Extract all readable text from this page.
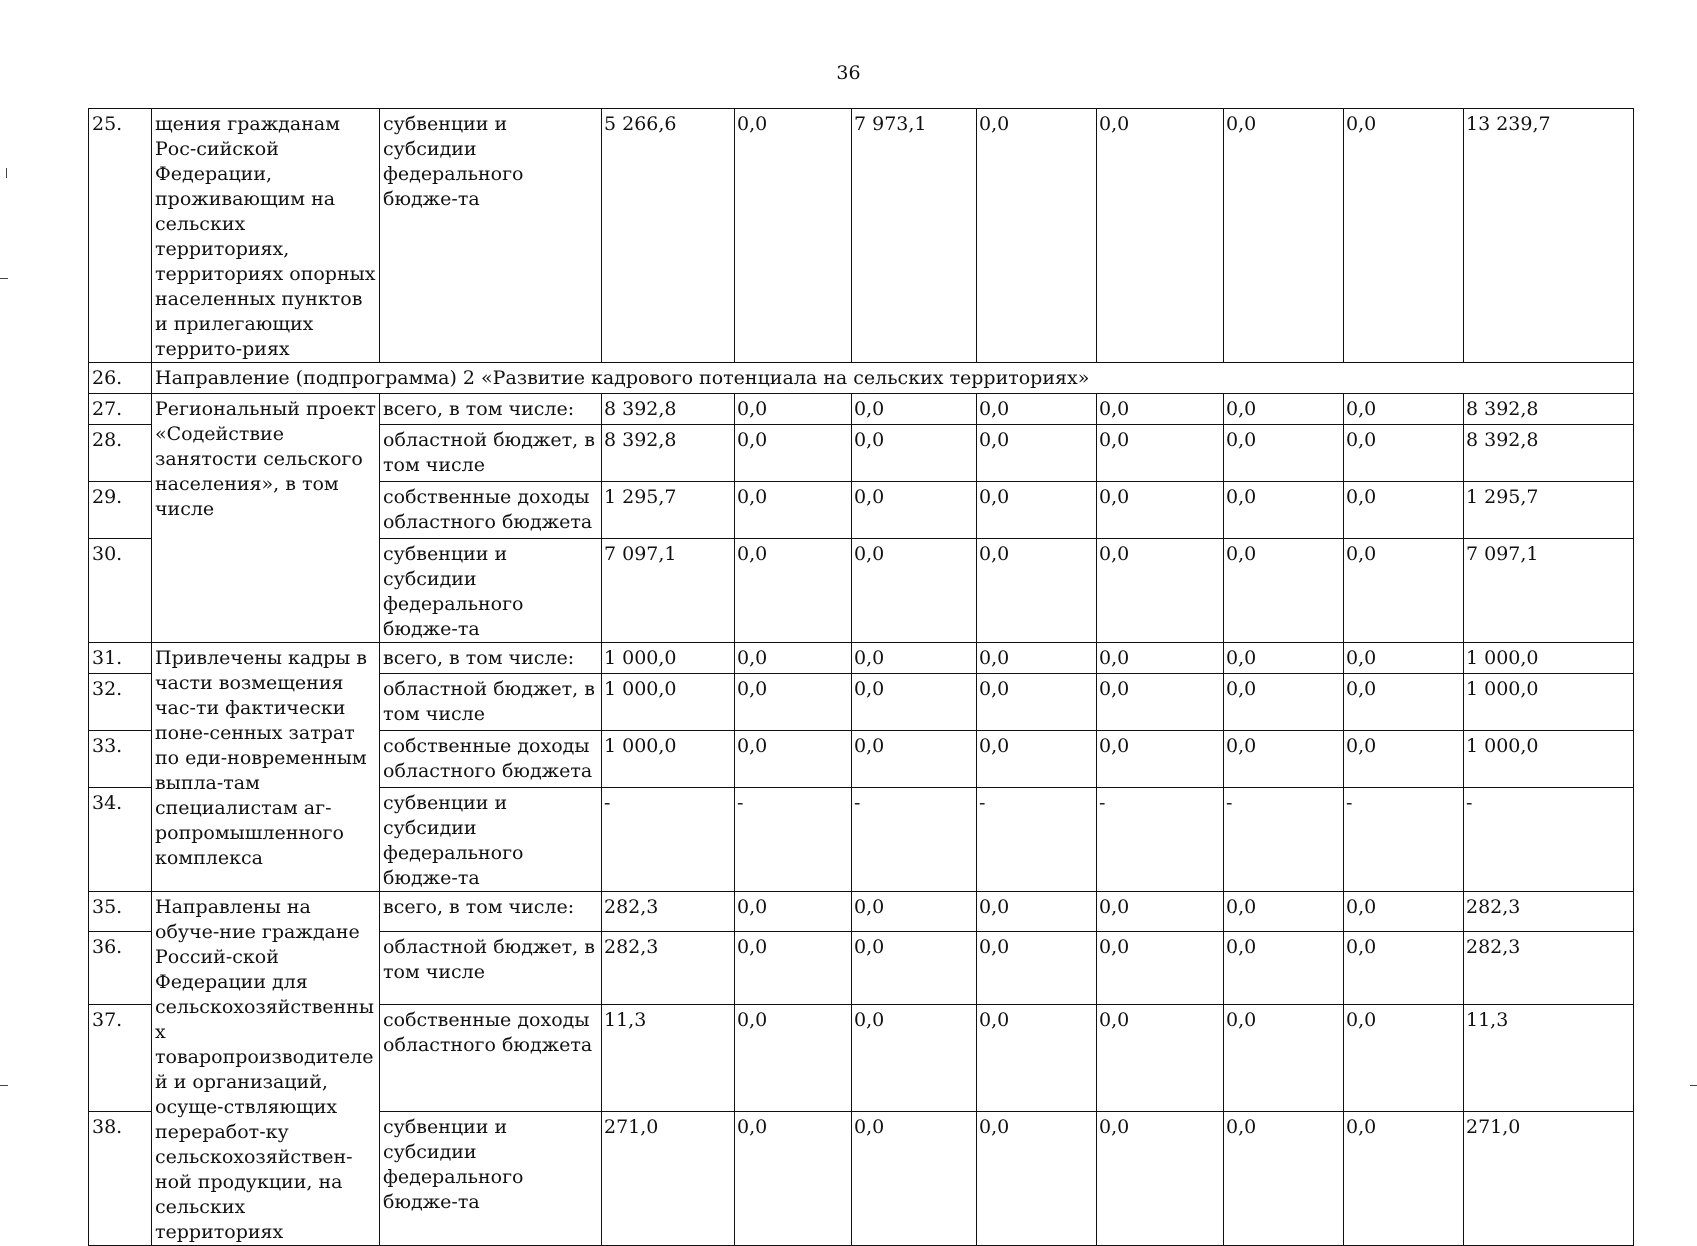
36
25.	щения гражданам Рос-сийской Федерации, проживающим на сельских территориях, территориях опорных населенных пунктов и прилегающих террито-риях	субвенции и субсидии федерального бюдже-та	5 266,6	0,0	7 973,1	0,0	0,0	0,0	0,0	13 239,7
26.	Направление (подпрограмма) 2 «Развитие кадрового потенциала на сельских территориях»									
27.	Региональный проект «Содействие занятости сельского населения», в том числе	всего, в том числе:	8 392,8	0,0	0,0	0,0	0,0	0,0	0,0	8 392,8
28.		областной бюджет, в том числе	8 392,8	0,0	0,0	0,0	0,0	0,0	0,0	8 392,8
29.		собственные доходы областного бюджета	1 295,7	0,0	0,0	0,0	0,0	0,0	0,0	1 295,7
30.		субвенции и субсидии федерального бюдже-та	7 097,1	0,0	0,0	0,0	0,0	0,0	0,0	7 097,1
31.	Привлечены кадры в части возмещения час-ти фактически поне-сенных затрат по еди-новременным выпла-там специалистам аг-ропромышленного комплекса	всего, в том числе:	1 000,0	0,0	0,0	0,0	0,0	0,0	0,0	1 000,0
32.		областной бюджет, в том числе	1 000,0	0,0	0,0	0,0	0,0	0,0	0,0	1 000,0
33.		собственные доходы областного бюджета	1 000,0	0,0	0,0	0,0	0,0	0,0	0,0	1 000,0
34.		субвенции и субсидии федерального бюдже-та	-	-	-	-	-	-	-	-
35.	Направлены на обуче-ние граждане Россий-ской Федерации для сельскохозяйственных товаропроизводителей и организаций, осуще-ствляющих переработ-ку сельскохозяйствен-ной продукции, на сельских территориях	всего, в том числе:	282,3	0,0	0,0	0,0	0,0	0,0	0,0	282,3
36.		областной бюджет, в том числе	282,3	0,0	0,0	0,0	0,0	0,0	0,0	282,3
37.		собственные доходы областного бюджета	11,3	0,0	0,0	0,0	0,0	0,0	0,0	11,3
38.		субвенции и субсидии федерального бюдже-та	271,0	0,0	0,0	0,0	0,0	0,0	0,0	271,0
